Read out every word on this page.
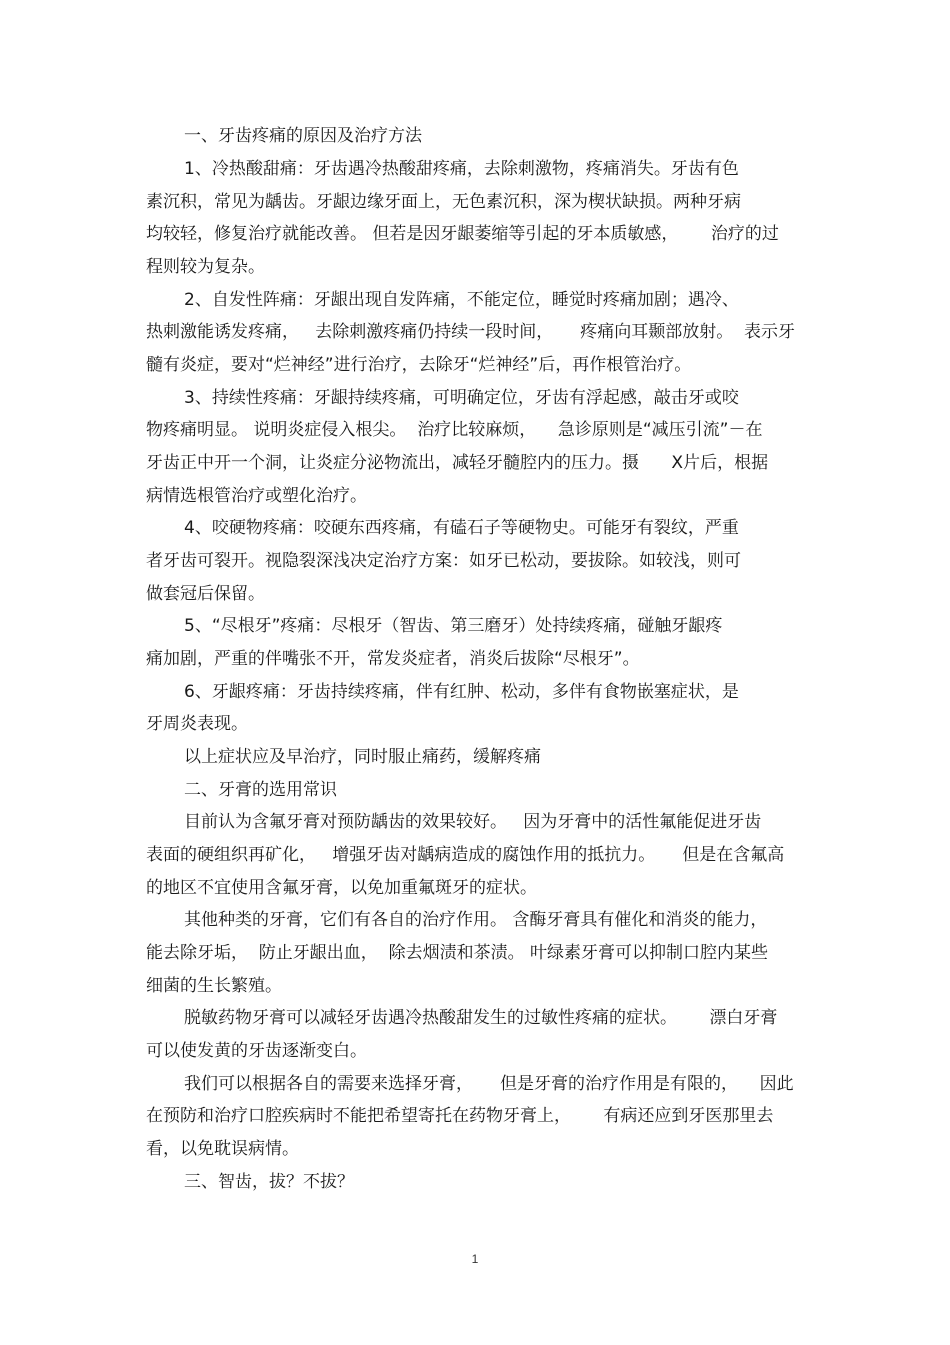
一、牙齿疼痛的原因及治疗方法
1、冷热酸甜痛：牙齿遇冷热酸甜疼痛，去除刺激物，疼痛消失。牙齿有色
素沉积，常见为龋齿。牙龈边缘牙面上，无色素沉积，深为楔状缺损。两种牙病
均较轻，修复治疗就能改善。 但若是因牙龈萎缩等引起的牙本质敏感，      治疗的过
程则较为复杂。
2、自发性阵痛：牙龈出现自发阵痛，不能定位，睡觉时疼痛加剧；遇冷、
热刺激能诱发疼痛，   去除刺激疼痛仍持续一段时间，     疼痛向耳颞部放射。  表示牙
髓有炎症，要对“烂神经”进行治疗，去除牙“烂神经”后，再作根管治疗。
3、持续性疼痛：牙龈持续疼痛，可明确定位，牙齿有浮起感，敲击牙或咬
物疼痛明显。 说明炎症侵入根尖。  治疗比较麻烦，    急诊原则是“减压引流”－在
牙齿正中开一个洞，让炎症分泌物流出，减轻牙髓腔内的压力。摄      X片后，根据
病情选根管治疗或塑化治疗。
4、咬硬物疼痛：咬硬东西疼痛，有磕石子等硬物史。可能牙有裂纹，严重
者牙齿可裂开。视隐裂深浅决定治疗方案：如牙已松动，要拔除。如较浅，则可
做套冠后保留。
5、“尽根牙”疼痛：尽根牙（智齿、第三磨牙）处持续疼痛，碰触牙龈疼
痛加剧，严重的伴嘴张不开，常发炎症者，消炎后拔除“尽根牙”。
6、牙龈疼痛：牙齿持续疼痛，伴有红肿、松动，多伴有食物嵌塞症状，是
牙周炎表现。
以上症状应及早治疗，同时服止痛药，缓解疼痛
二、牙膏的选用常识
目前认为含氟牙膏对预防龋齿的效果较好。   因为牙膏中的活性氟能促进牙齿
表面的硬组织再矿化，   增强牙齿对龋病造成的腐蚀作用的抵抗力。     但是在含氟高
的地区不宜使用含氟牙膏，以免加重氟斑牙的症状。
其他种类的牙膏，它们有各自的治疗作用。 含酶牙膏具有催化和消炎的能力，
能去除牙垢，  防止牙龈出血，  除去烟渍和茶渍。 叶绿素牙膏可以抑制口腔内某些
细菌的生长繁殖。
脱敏药物牙膏可以减轻牙齿遇冷热酸甜发生的过敏性疼痛的症状。      漂白牙膏
可以使发黄的牙齿逐渐变白。
我们可以根据各自的需要来选择牙膏，     但是牙膏的治疗作用是有限的，    因此
在预防和治疗口腔疾病时不能把希望寄托在药物牙膏上，      有病还应到牙医那里去
看，以免耽误病情。
三、智齿，拔？不拔？
1
